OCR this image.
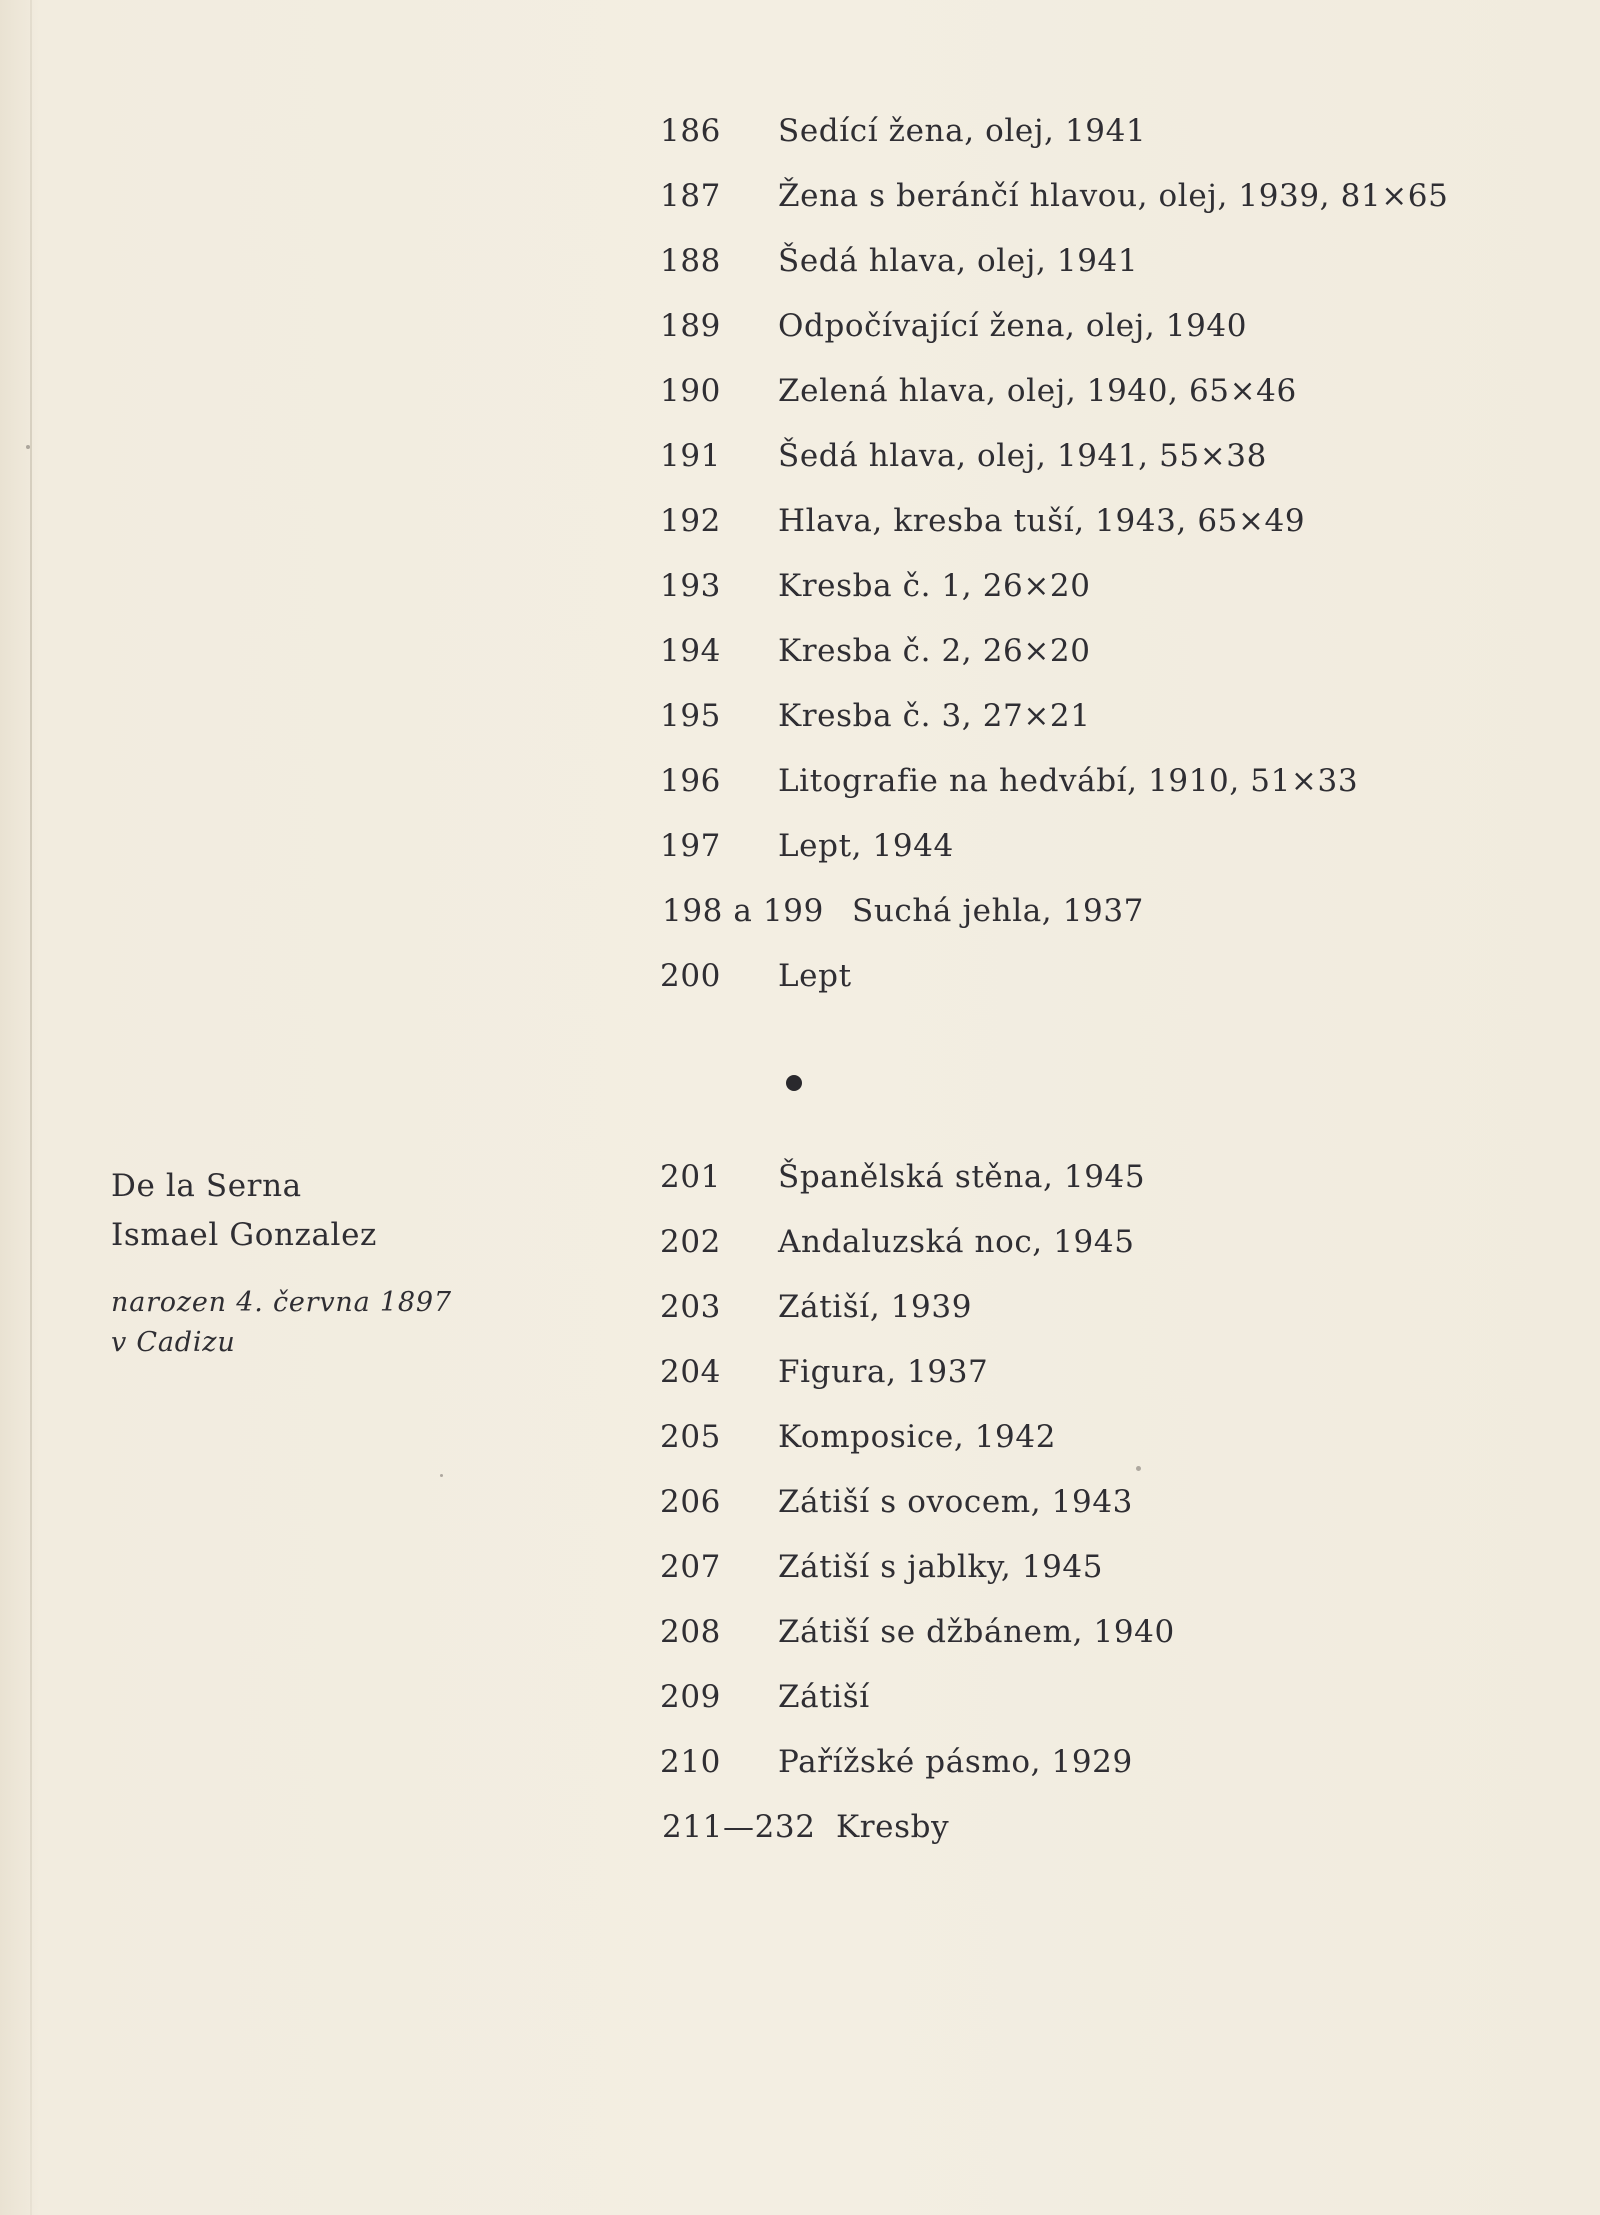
186 Sedící žena, olej, 1941
187 Žena s beránčí hlavou, olej, 1939, 81×65
188 Šedá hlava, olej, 1941
189 Odpočívající žena, olej, 1940
190 Zelená hlava, olej, 1940, 65×46
191 Šedá hlava, olej, 1941, 55×38
192 Hlava, kresba tuší, 1943, 65×49
193 Kresba č. 1, 26×20
194 Kresba č. 2, 26×20
195 Kresba č. 3, 27×21
196 Litografie na hedvábí, 1910, 51×33
197 Lept, 1944
198 a 199 Suchá jehla, 1937
200 Lept
De la Serna
Ismael Gonzalez
narozen 4. června 1897
v Cadizu
201 Španělská stěna, 1945
202 Andaluzská noc, 1945
203 Zátiší, 1939
204 Figura, 1937
205 Komposice, 1942
206 Zátiší s ovocem, 1943
207 Zátiší s jablky, 1945
208 Zátiší se džbánem, 1940
209 Zátiší
210 Pařížské pásmo, 1929
211—232 Kresby
